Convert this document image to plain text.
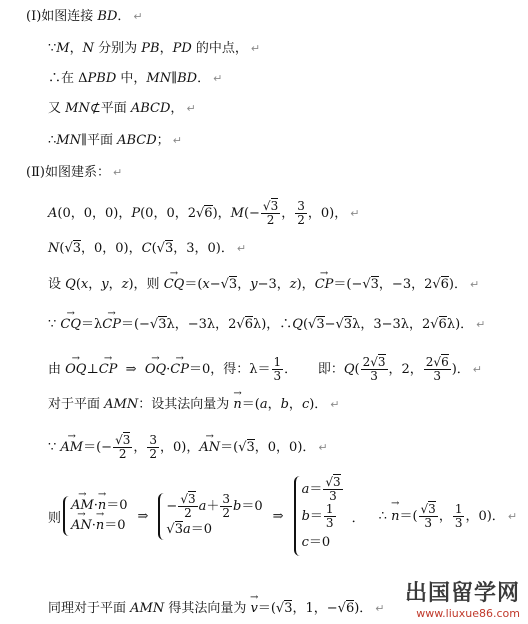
(Ⅰ)如图连接 BD． ↵
∵M，N 分别为 PB，PD 的中点， ↵
∴在 ΔPBD 中，MN∥BD． ↵
又 MN⊄平面 ABCD， ↵
∴MN∥平面 ABCD； ↵
(Ⅱ)如图建系： ↵
A(0，0，0)，P(0，0，2√6)，$M(- \frac{√3}{2}$ ， $\frac{3}{2}$ ，0)， ↵
N(√3，0，0)，C(√3，3，0)． ↵
设 Q(x，y，z)，则 → CQ＝(x−√3，y−3，z)，→ CP＝(−√3，−3，2√6)． ↵
∵ → CQ＝λ→ CP＝(−√3λ，−3λ，2√6λ)，∴Q(√3−√3λ，3−3λ，2√6λ)． ↵
由 → OQ⊥→ CP  ⇒  → OQ·→ CP＝0，得：$\lambda= \frac{1}{3}$ ．     即：$Q( \frac{2√3}{3}$ ，2， $\frac{2√6}{3}$ )． ↵
对于平面 AMN：设其法向量为 → n＝(a，b，c)． ↵
∵ → $AM=(- \frac{√3}{2}$ ， $\frac{3}{2}$ ，0)，→ AN＝(√3，0，0)． ↵
则
→ AM·→ n＝0
→ AN·→ n＝0
⇒
− $\frac{√3}{2} a+ \frac{3}{2} b=0$
√3a＝0
⇒
$a= \frac{√3}{3}$
$b= \frac{1}{3}$
c＝0
． ∴ → $n=( \frac{√3}{3}$ ， $\frac{1}{3}$ ，0)． ↵
同理对于平面 AMN 得其法向量为 → v＝(√3，1，−√6)． ↵
出国留学网
www.liuxue86.com
